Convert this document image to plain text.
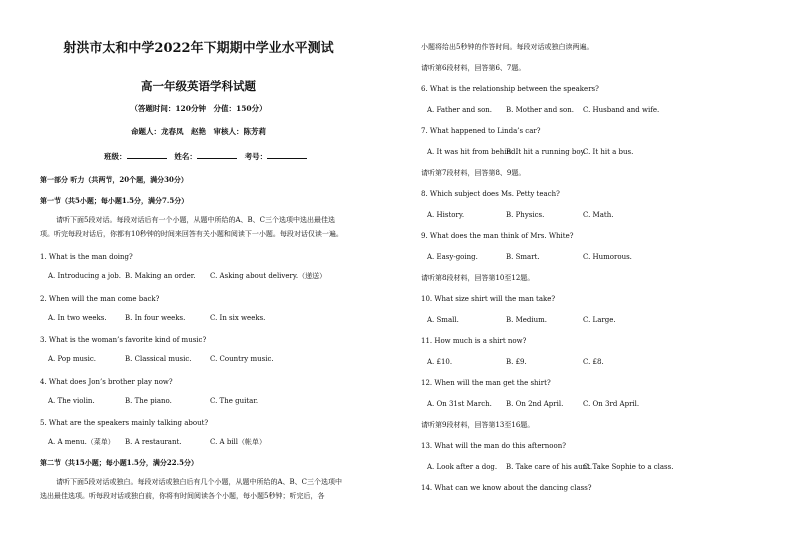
射洪市太和中学2022年下期期中学业水平测试
高一年级英语学科试题
（答题时间：120分钟　分值：150分）
命题人：龙春凤　赵艳　审核人：陈芳莉
班级：	姓名：	考号：
第一部分 听力（共两节，20个题，满分30分）
第一节（共5小题；每小题1.5分，满分7.5分）
请听下面5段对话。每段对话后有一个小题，从题中所给的A、B、C三个选项中选出最佳选
项。听完每段对话后，你都有10秒钟的时间来回答有关小题和阅读下一小题。每段对话仅读一遍。
1. What is the man doing?
A. Introducing a job. B. Making an order. C. Asking about delivery.（递送）
2. When will the man come back?
A. In two weeks.	B. In four weeks.	C. In six weeks.
3. What is the woman’s favorite kind of music?
A. Pop music.	B. Classical music.	C. Country music.
4. What does Jon’s brother play now?
A. The violin.	B. The piano.	C. The guitar.
5. What are the speakers mainly talking about?
A. A menu.（菜单） B. A restaurant.	C. A bill（帐单）
第二节（共15小题；每小题1.5分，满分22.5分）
请听下面5段对话或独白。每段对话或独白后有几个小题，从题中所给的A、B、C三个选项中
选出最佳选项。听每段对话或独白前，你将有时间阅读各个小题，每小题5秒钟；听完后，各
小题将给出5秒钟的作答时间。每段对话或独白读两遍。
请听第6段材料，回答第6、7题。
6. What is the relationship between the speakers?
A. Father and son. B. Mother and son. C. Husband and wife.
7. What happened to Linda’s car?
A. It was hit from behind.
B. It hit a running boy.
C. It hit a bus.
请听第7段材料，回答第8、9题。
8. Which subject does Ms. Petty teach?
A. History.	B. Physics.	C. Math.
9. What does the man think of Mrs. White?
A. Easy-going.	B. Smart.	C. Humorous.
请听第8段材料，回答第10至12题。
10. What size shirt will the man take?
A. Small.	B. Medium.	C. Large.
11. How much is a shirt now?
A. £10.	B. £9.	C. £8.
12. When will the man get the shirt?
A. On 31st March. B. On 2nd April.	C. On 3rd April.
请听第9段材料，回答第13至16题。
13. What will the man do this afternoon?
A. Look after a dog. B. Take care of his aunt.
C. Take Sophie to a class.
14. What can we know about the dancing class?
